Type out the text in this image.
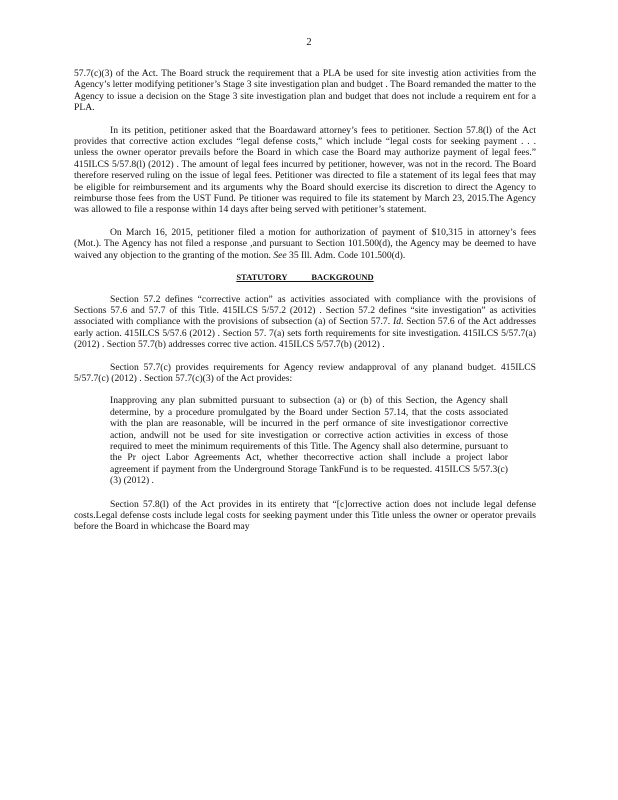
2

57.7(c)(3) of the Act. The Board struck the requirement that a PLA be used for site investig ation activities from the Agency’s letter modifying petitioner’s Stage 3 site investigation plan and budget . The Board remanded the matter to the Agency to issue a decision on the Stage 3 site investigation plan and budget that does not include a requirem ent for a PLA.

In its petition, petitioner asked that the Boardaward attorney’s fees to petitioner. Section 57.8(l) of the Act provides that corrective action excludes “legal defense costs,” which include “legal costs for seeking payment . . . unless the owner operator prevails before the Board in which case the Board may authorize payment of legal fees.” 415ILCS 5/57.8(l) (2012) . The amount of legal fees incurred by petitioner, however, was not in the record. The Board therefore reserved ruling on the issue of legal fees. Petitioner was directed to file a statement of its legal fees that may be eligible for reimbursement and its arguments why the Board should exercise its discretion to direct the Agency to reimburse those fees from the UST Fund. Pe titioner was required to file its statement by March 23, 2015.The Agency was allowed to file a response within 14 days after being served with petitioner’s statement.

On March 16, 2015, petitioner filed a motion for authorization of payment of $10,315 in attorney’s fees (Mot.). The Agency has not filed a response ,and pursuant to Section 101.500(d), the Agency may be deemed to have waived any objection to the granting of the motion. See 35 Ill. Adm. Code 101.500(d).

STATUTORY BACKGROUND

Section 57.2 defines “corrective action” as activities associated with compliance with the provisions of Sections 57.6 and 57.7 of this Title. 415ILCS 5/57.2 (2012) . Section 57.2 defines “site investigation” as activities associated with compliance with the provisions of subsection (a) of Section 57.7. Id. Section 57.6 of the Act addresses early action. 415ILCS 5/57.6 (2012) . Section 57. 7(a) sets forth requirements for site investigation. 415ILCS 5/57.7(a) (2012) . Section 57.7(b) addresses correc tive action. 415ILCS 5/57.7(b) (2012) .

Section 57.7(c) provides requirements for Agency review andapproval of any planand budget. 415ILCS 5/57.7(c) (2012) . Section 57.7(c)(3) of the Act provides:

Inapproving any plan submitted pursuant to subsection (a) or (b) of this Section, the Agency shall determine, by a procedure promulgated by the Board under Section 57.14, that the costs associated with the plan are reasonable, will be incurred in the perf ormance of site investigationor corrective action, andwill not be used for site investigation or corrective action activities in excess of those required to meet the minimum requirements of this Title. The Agency shall also determine, pursuant to the Pr oject Labor Agreements Act, whether thecorrective action shall include a project labor agreement if payment from the Underground Storage TankFund is to be requested. 415ILCS 5/57.3(c)(3) (2012) .

Section 57.8(l) of the Act provides in its entirety that “[c]orrective action does not include legal defense costs.Legal defense costs include legal costs for seeking payment under this Title unless the owner or operator prevails before the Board in whichcase the Board may
